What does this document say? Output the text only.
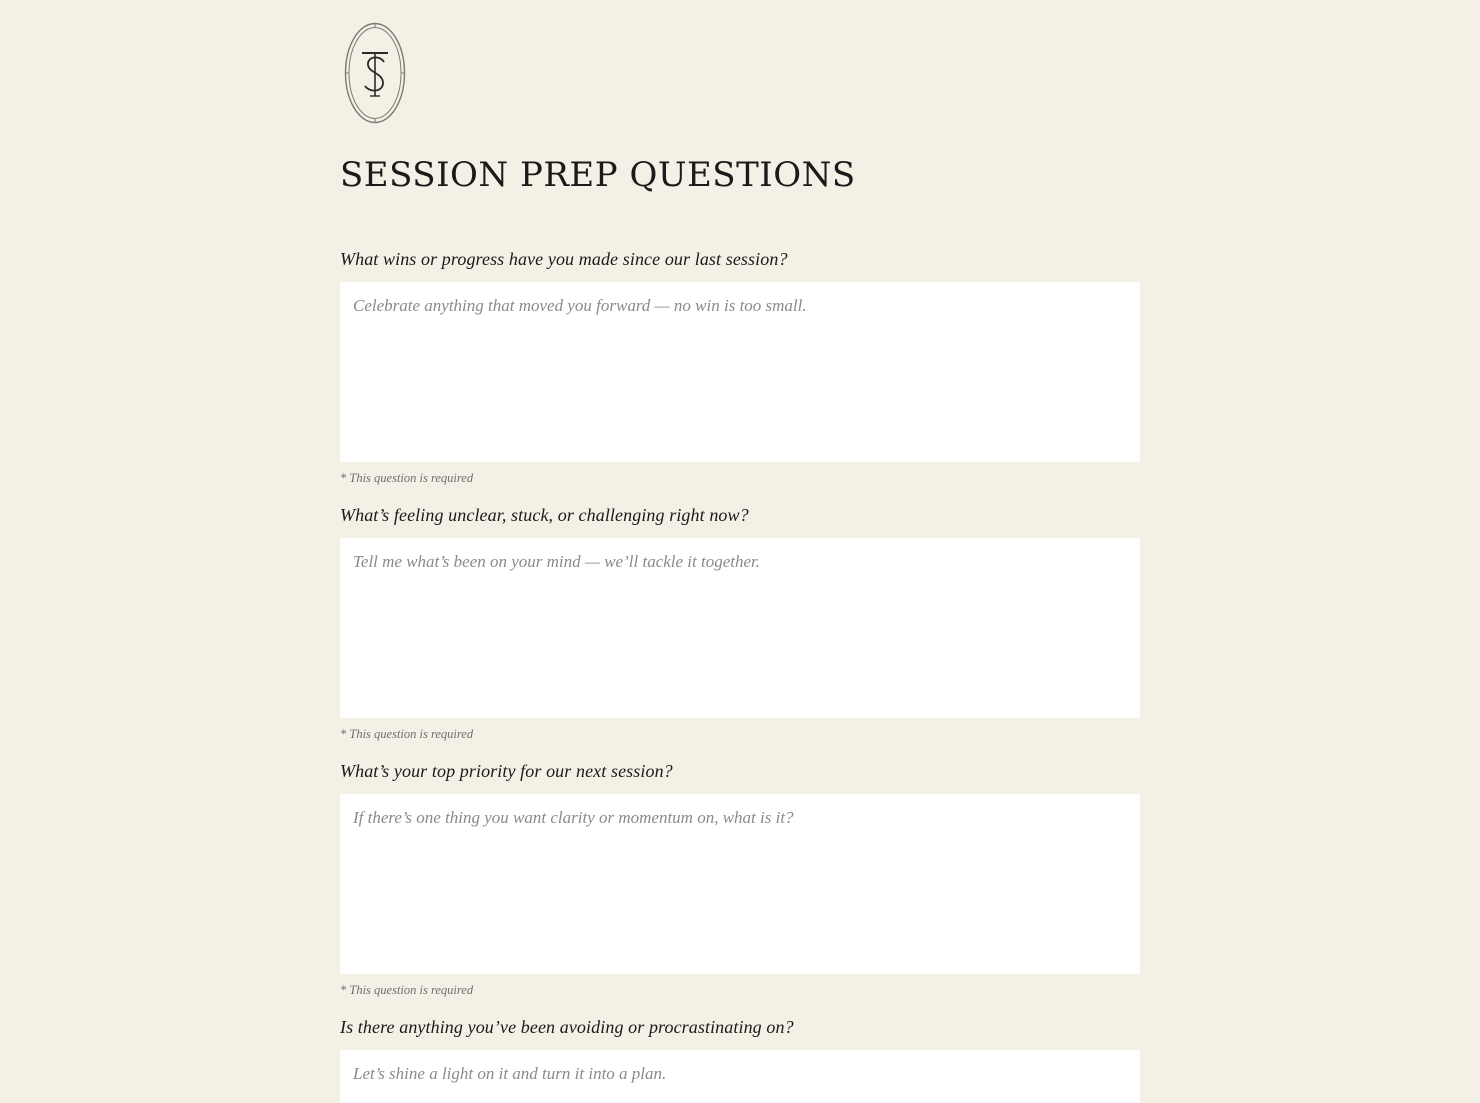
SESSION PREP QUESTIONS
What wins or progress have you made since our last session?
Celebrate anything that moved you forward — no win is too small.
* This question is required
What’s feeling unclear, stuck, or challenging right now?
Tell me what’s been on your mind — we’ll tackle it together.
* This question is required
What’s your top priority for our next session?
If there’s one thing you want clarity or momentum on, what is it?
* This question is required
Is there anything you’ve been avoiding or procrastinating on?
Let’s shine a light on it and turn it into a plan.
